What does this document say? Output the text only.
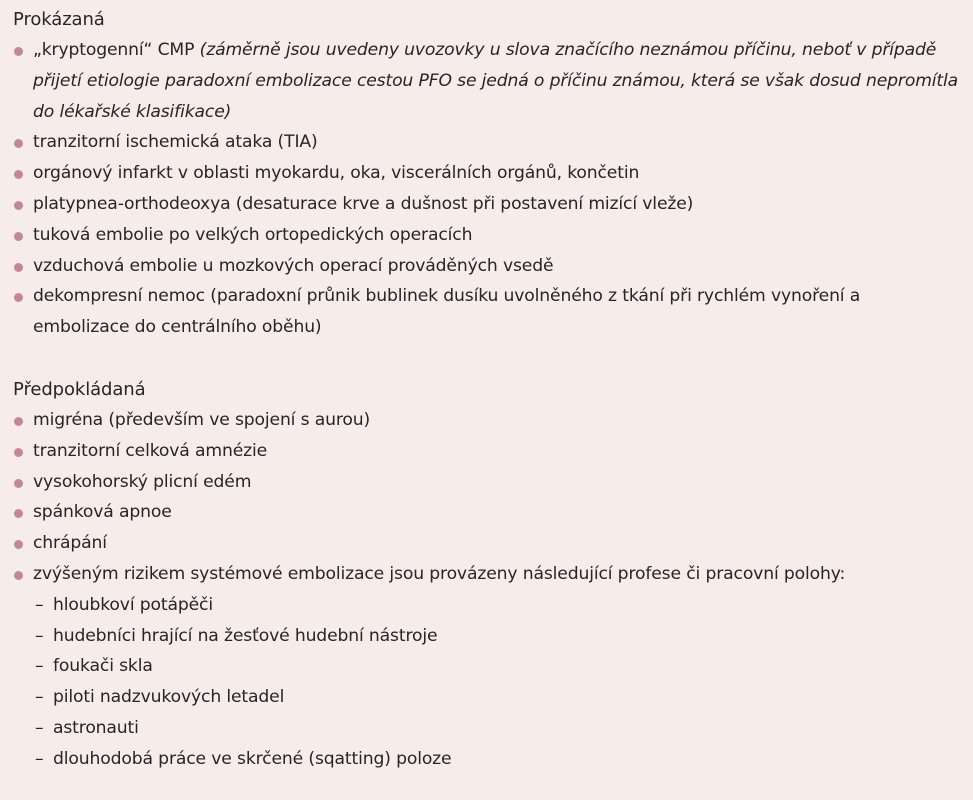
Prokázaná
„kryptogenní“ CMP (záměrně jsou uvedeny uvozovky u slova značícího neznámou příčinu, neboť v případě přijetí etiologie paradoxní embolizace cestou PFO se jedná o příčinu známou, která se však dosud nepromítla do lékařské klasifikace)
tranzitorní ischemická ataka (TIA)
orgánový infarkt v oblasti myokardu, oka, viscerálních orgánů, končetin
platypnea-orthodeoxya (desaturace krve a dušnost při postavení mizící vleže)
tuková embolie po velkých ortopedických operacích
vzduchová embolie u mozkových operací prováděných vsedě
dekompresní nemoc (paradoxní průnik bublinek dusíku uvolněného z tkání při rychlém vynoření a embolizace do centrálního oběhu)
Předpokládaná
migréna (především ve spojení s aurou)
tranzitorní celková amnézie
vysokohorský plicní edém
spánková apnoe
chrápání
zvýšeným rizikem systémové embolizace jsou provázeny následující profese či pracovní polohy:
– hloubkoví potápěči
– hudebníci hrající na žesťové hudební nástroje
– foukači skla
– piloti nadzvukových letadel
– astronauti
– dlouhodobá práce ve skrčené (sqatting) poloze
